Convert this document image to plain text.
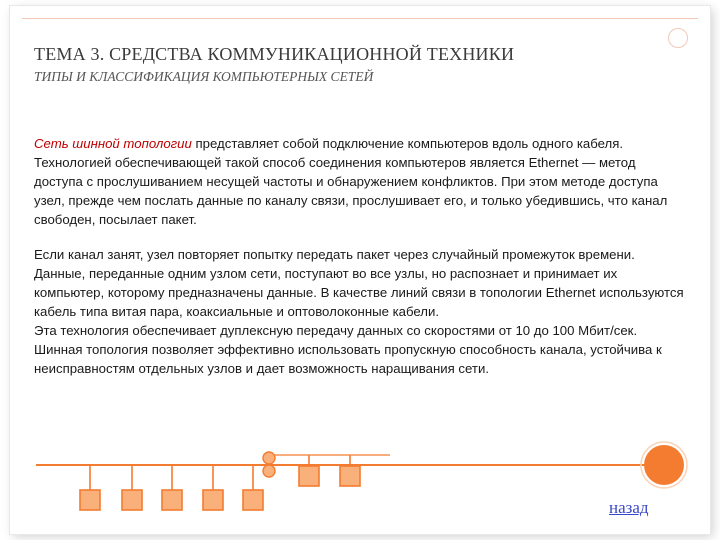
ТЕМА 3. СРЕДСТВА КОММУНИКАЦИОННОЙ ТЕХНИКИ
ТИПЫ И КЛАССИФИКАЦИЯ КОМПЬЮТЕРНЫХ СЕТЕЙ

Сеть шинной топологии представляет собой подключение компьютеров вдоль одного кабеля.
Технологией обеспечивающей такой способ соединения компьютеров является Ethernet — метод доступа с прослушиванием несущей частоты и обнаружением конфликтов. При этом методе доступа узел, прежде чем послать данные по каналу связи, прослушивает его, и только убедившись, что канал свободен, посылает пакет.

Если канал занят, узел повторяет попытку передать пакет через случайный промежуток времени. Данные, переданные одним узлом сети, поступают во все узлы, но распознает и принимает их компьютер, которому предназначены данные. В качестве линий связи в топологии Ethernet используются кабель типа витая пара, коаксиальные и оптоволоконные кабели.
Эта технология обеспечивает дуплексную передачу данных со скоростями от 10 до 100 Мбит/сек. Шинная топология позволяет эффективно использовать пропускную способность канала, устойчива к неисправностям отдельных узлов и дает возможность наращивания сети.

назад
